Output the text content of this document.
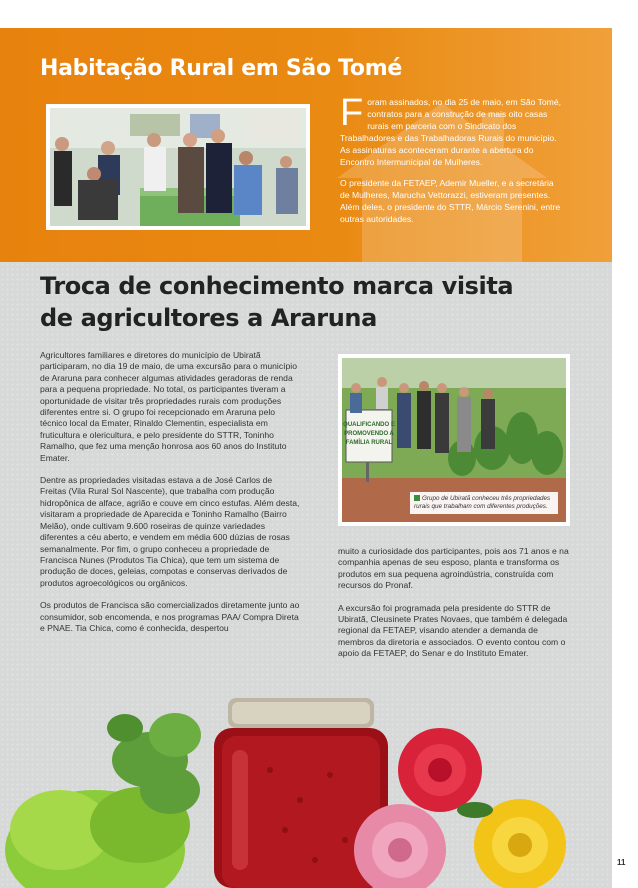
Habitação Rural em São Tomé

Foram assinados, no dia 25 de maio, em São Tomé, contratos para a construção de mais oito casas rurais em parceria com o Sindicato dos Trabalhadores e das Trabalhadoras Rurais do município. As assinaturas aconteceram durante a abertura do Encontro Intermunicipal de Mulheres.

O presidente da FETAEP, Ademir Mueller, e a secretária de Mulheres, Marucha Vettorazzi, estiveram presentes. Além deles, o presidente do STTR, Márcio Serenini, entre outras autoridades.

Troca de conhecimento marca visita
de agricultores a Araruna

Agricultores familiares e diretores do município de Ubiratã participaram, no dia 19 de maio, de uma excursão para o município de Araruna para conhecer algumas atividades geradoras de renda para a pequena propriedade. No total, os participantes tiveram a oportunidade de visitar três propriedades rurais com produções diferentes entre si. O grupo foi recepcionado em Araruna pelo técnico local da Emater, Rinaldo Clementin, especialista em fruticultura e olericultura, e pelo presidente do STTR, Toninho Ramalho, que fez uma menção honrosa aos 60 anos do Instituto Emater.

Dentre as propriedades visitadas estava a de José Carlos de Freitas (Vila Rural Sol Nascente), que trabalha com produção hidropônica de alface, agrião e couve em cinco estufas. Além desta, visitaram a propriedade de Aparecida e Toninho Ramalho (Bairro Melão), onde cultivam 9.600 roseiras de quinze variedades diferentes a céu aberto, e vendem em média 600 dúzias de rosas semanalmente. Por fim, o grupo conheceu a propriedade de Francisca Nunes (Produtos Tia Chica), que tem um sistema de produção de doces, geleias, compotas e conservas derivados de produtos agroecológicos ou orgânicos.

Os produtos de Francisca são comercializados diretamente junto ao consumidor, sob encomenda, e nos programas PAA/ Compra Direta e PNAE. Tia Chica, como é conhecida, despertou

QUALIFICANDO E
PROMOVENDO A
FAMÍLIA RURAL
Grupo de Ubiratã conheceu três propriedades rurais que trabalham com diferentes produções.

muito a curiosidade dos participantes, pois aos 71 anos e na companhia apenas de seu esposo, planta e transforma os produtos em sua pequena agroindústria, construída com recursos do Pronaf.

A excursão foi programada pela presidente do STTR de Ubiratã, Cleusinete Prates Novaes, que também é delegada regional da FETAEP, visando atender a demanda de membros da diretoria e associados. O evento contou com o apoio da FETAEP, do Senar e do Instituto Emater.

11
